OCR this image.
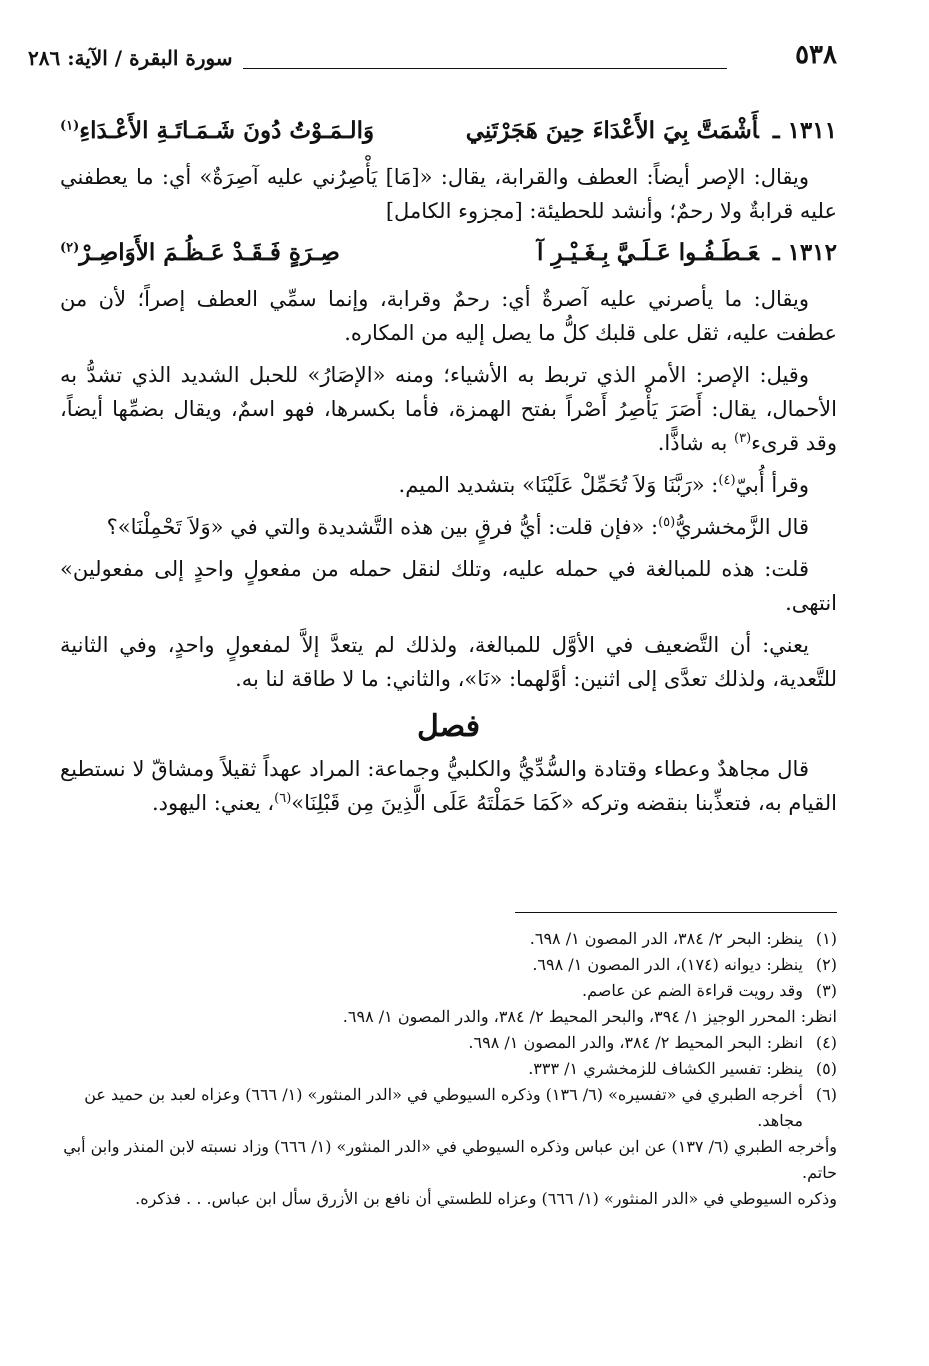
٥٣٨
سورة البقرة / الآية: ٢٨٦
١٣١١ ـأَشْمَتَّ بِيَ الأَعْدَاءَ حِينَ هَجَرْتَنِي
وَالـمَـوْتُ دُونَ شَـمَـاتَـةِ الأَعْـدَاءِ$^{(١)}$

ويقال: الإصر أيضاً: العطف والقرابة، يقال: «[مَا] يَأْصِرُني عليه آصِرَةٌ» أي: ما يعطفني عليه قرابةٌ ولا رحمٌ؛ وأنشد للحطيئة: [مجزوء الكامل]

١٣١٢ ـعَـطَـفُـوا عَـلَـيَّ بِـغَـيْـرِ آ
صِـرَةٍ فَـقَـدْ عَـظُـمَ الأَوَاصِـرْ$^{(٢)}$

ويقال: ما يأصرني عليه آصرةٌ أي: رحمٌ وقرابة، وإنما سمِّي العطف إصراً؛ لأن من عطفت عليه، ثقل على قلبك كلُّ ما يصل إليه من المكاره.

وقيل: الإصر: الأمر الذي تربط به الأشياء؛ ومنه «الإصَارُ» للحبل الشديد الذي تشدُّ به الأحمال، يقال: أَصَرَ يَأْصِرُ أَصْراً بفتح الهمزة، فأما بكسرها، فهو اسمٌ، ويقال بضمِّها أيضاً، وقد قرىء$^{(٣)}$ به شاذًّا.

وقرأ أُبيّ$^{(٤)}$: «رَبَّنَا وَلاَ تُحَمِّلْ عَلَيْنَا» بتشديد الميم.

قال الزَّمخشريُّ$^{(٥)}$: «فإن قلت: أيُّ فرقٍ بين هذه التَّشديدة والتي في «وَلاَ تَحْمِلْنَا»؟

قلت: هذه للمبالغة في حمله عليه، وتلك لنقل حمله من مفعولٍ واحدٍ إلى مفعولين» انتهى.

يعني: أن التَّضعيف في الأوَّل للمبالغة، ولذلك لم يتعدَّ إلاَّ لمفعولٍ واحدٍ، وفي الثانية للتَّعدية، ولذلك تعدَّى إلى اثنين: أوَّلهما: «نَا»، والثاني: ما لا طاقة لنا به.

فصل

قال مجاهدٌ وعطاء وقتادة والسُّدِّيُّ والكلبيُّ وجماعة: المراد عهداً ثقيلاً ومشاقّ لا نستطيع القيام به، فتعذِّبنا بنقضه وتركه «كَمَا حَمَلْتَهُ عَلَى الَّذِينَ مِن قَبْلِنَا»$^{(٦)}$، يعني: اليهود.

(١)
ينظر: البحر ٢/ ٣٨٤، الدر المصون ١/ ٦٩٨.
(٢)
ينظر: ديوانه (١٧٤)، الدر المصون ١/ ٦٩٨.
(٣)
وقد رويت قراءة الضم عن عاصم.
انظر: المحرر الوجيز ١/ ٣٩٤، والبحر المحيط ٢/ ٣٨٤، والدر المصون ١/ ٦٩٨.
(٤)
انظر: البحر المحيط ٢/ ٣٨٤، والدر المصون ١/ ٦٩٨.
(٥)
ينظر: تفسير الكشاف للزمخشري ١/ ٣٣٣.
(٦)
أخرجه الطبري في «تفسيره» (٦/ ١٣٦) وذكره السيوطي في «الدر المنثور» (١/ ٦٦٦) وعزاه لعبد بن حميد عن مجاهد.
وأخرجه الطبري (٦/ ١٣٧) عن ابن عباس وذكره السيوطي في «الدر المنثور» (١/ ٦٦٦) وزاد نسبته لابن المنذر وابن أبي حاتم.
وذكره السيوطي في «الدر المنثور» (١/ ٦٦٦) وعزاه للطستي أن نافع بن الأزرق سأل ابن عباس. . . فذكره.
